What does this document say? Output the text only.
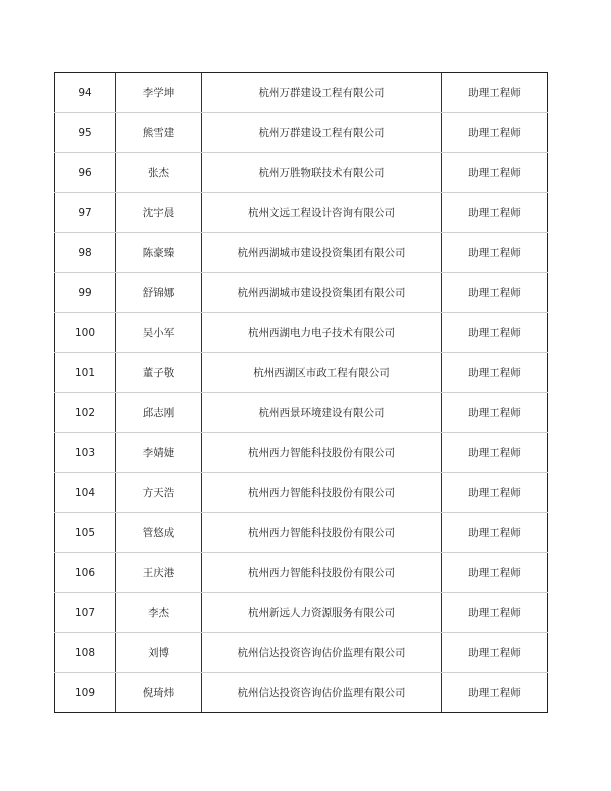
94	李学坤	杭州万群建设工程有限公司	助理工程师
95	熊雪建	杭州万群建设工程有限公司	助理工程师
96	张杰	杭州万胜物联技术有限公司	助理工程师
97	沈宇晨	杭州文远工程设计咨询有限公司	助理工程师
98	陈豪臻	杭州西湖城市建设投资集团有限公司	助理工程师
99	舒锦娜	杭州西湖城市建设投资集团有限公司	助理工程师
100	吴小军	杭州西湖电力电子技术有限公司	助理工程师
101	董子敬	杭州西湖区市政工程有限公司	助理工程师
102	邱志刚	杭州西景环境建设有限公司	助理工程师
103	李婧婕	杭州西力智能科技股份有限公司	助理工程师
104	方天浩	杭州西力智能科技股份有限公司	助理工程师
105	管悠成	杭州西力智能科技股份有限公司	助理工程师
106	王庆港	杭州西力智能科技股份有限公司	助理工程师
107	李杰	杭州新远人力资源服务有限公司	助理工程师
108	刘博	杭州信达投资咨询估价监理有限公司	助理工程师
109	倪琦炜	杭州信达投资咨询估价监理有限公司	助理工程师
